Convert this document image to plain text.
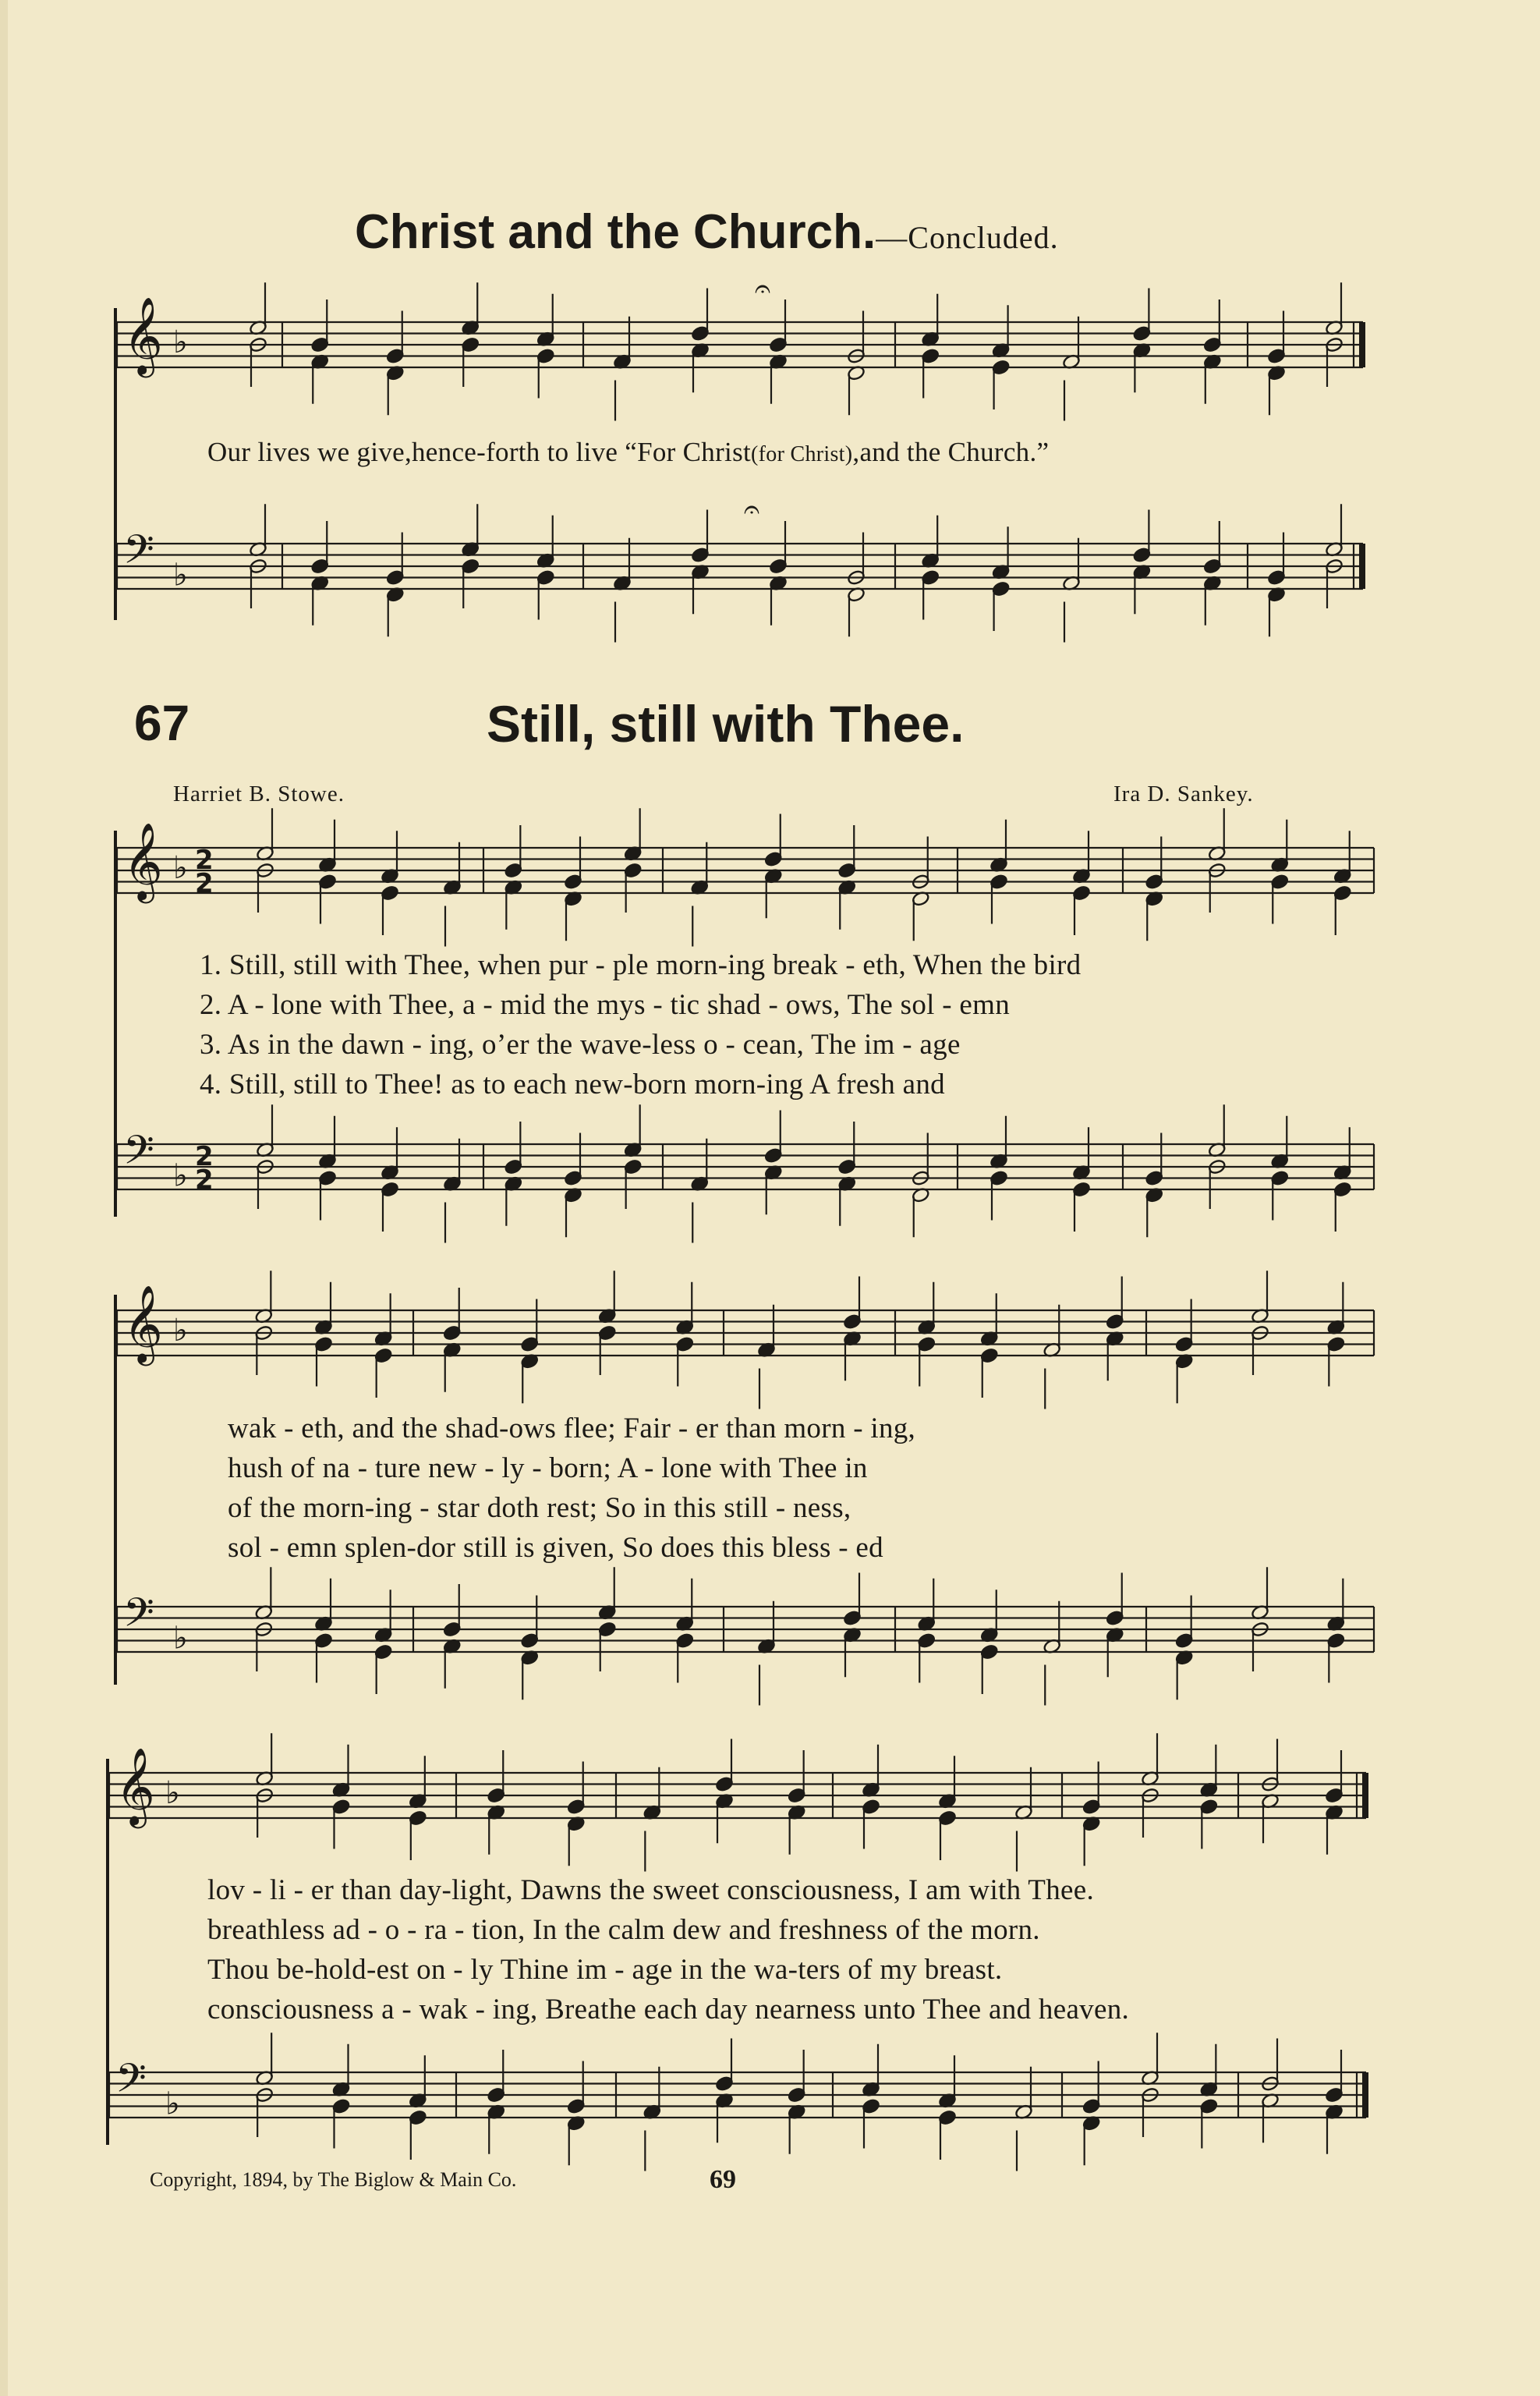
Christ and the Church.—Concluded.
Our lives we give,hence-forth to live “For Christ(for Christ),and the Church.”
67	Still, still with Thee.
Harriet B. Stowe.	Ira D. Sankey.
1. Still, still with Thee, when pur - ple morn-ing break - eth, When the bird
2. A - lone with Thee, a - mid the mys - tic shad - ows, The sol - emn
3. As in the dawn - ing, o’er the wave-less o - cean, The im - age
4. Still, still to Thee! as to each new-born morn-ing A fresh and
wak - eth, and the shad-ows flee; Fair - er than morn - ing,
hush of na - ture new - ly - born; A - lone with Thee in
of the morn-ing - star doth rest; So in this still - ness,
sol - emn splen-dor still is given, So does this bless - ed
lov - li - er than day-light, Dawns the sweet consciousness, I am with Thee.
breathless ad - o - ra - tion, In the calm dew and freshness of the morn.
Thou be-hold-est on - ly Thine im - age in the wa-ters of my breast.
consciousness a - wak - ing, Breathe each day nearness unto Thee and heaven.
Copyright, 1894, by The Biglow & Main Co.	69
𝄞 ♭
𝄢 ♭
𝄐
𝄐
𝄞 ♭ 2
2
𝄢 ♭
2
2
𝄞 ♭
𝄢 ♭
𝄞 ♭
𝄢 ♭
